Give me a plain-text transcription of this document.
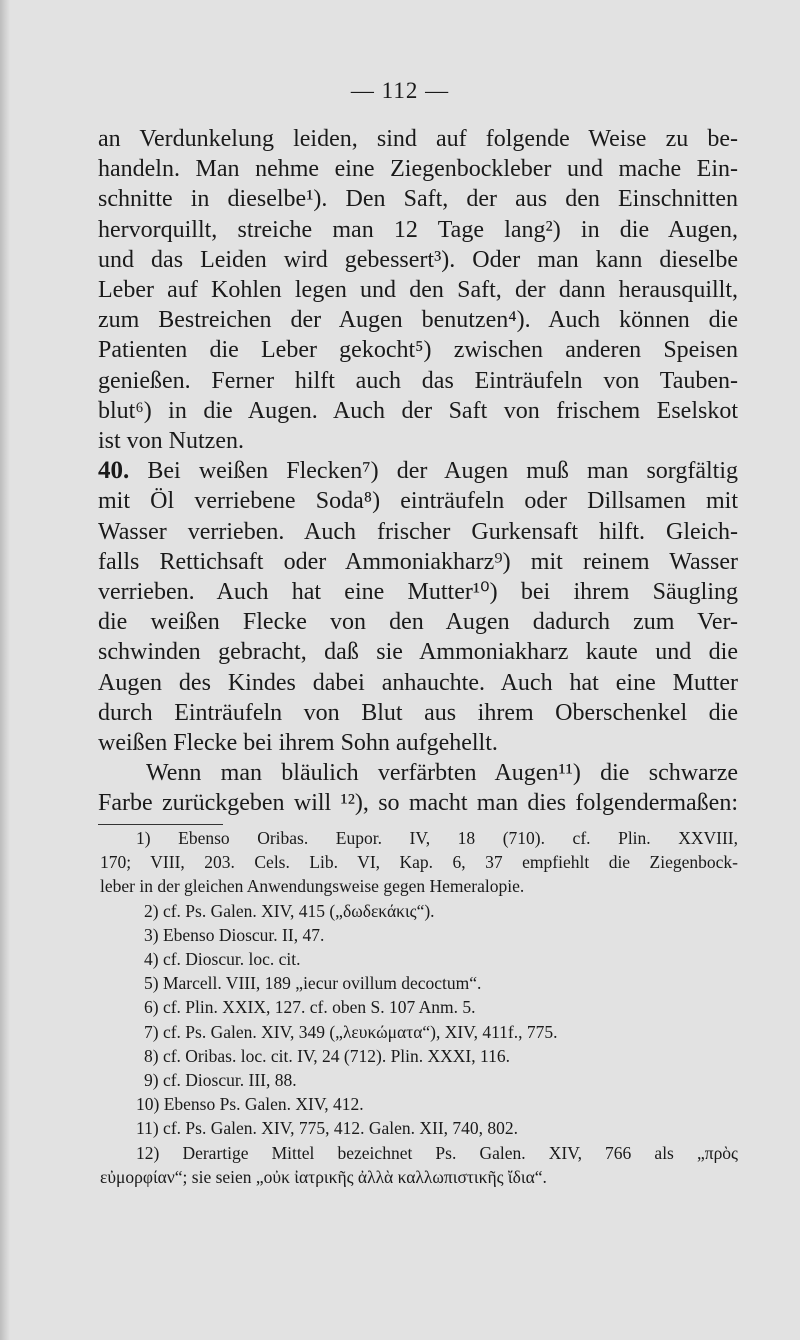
— 112 —
an Verdunkelung leiden, sind auf folgende Weise zu be-
handeln. Man nehme eine Ziegenbockleber und mache Ein-
schnitte in dieselbe¹). Den Saft, der aus den Einschnitten
hervorquillt, streiche man 12 Tage lang²) in die Augen,
und das Leiden wird gebessert³). Oder man kann dieselbe
Leber auf Kohlen legen und den Saft, der dann herausquillt,
zum Bestreichen der Augen benutzen⁴). Auch können die
Patienten die Leber gekocht⁵) zwischen anderen Speisen
genießen. Ferner hilft auch das Einträufeln von Tauben-
blut⁶) in die Augen. Auch der Saft von frischem Eselskot
ist von Nutzen.
40. Bei weißen Flecken⁷) der Augen muß man sorgfältig
mit Öl verriebene Soda⁸) einträufeln oder Dillsamen mit
Wasser verrieben. Auch frischer Gurkensaft hilft. Gleich-
falls Rettichsaft oder Ammoniakharz⁹) mit reinem Wasser
verrieben. Auch hat eine Mutter¹⁰) bei ihrem Säugling
die weißen Flecke von den Augen dadurch zum Ver-
schwinden gebracht, daß sie Ammoniakharz kaute und die
Augen des Kindes dabei anhauchte. Auch hat eine Mutter
durch Einträufeln von Blut aus ihrem Oberschenkel die
weißen Flecke bei ihrem Sohn aufgehellt.
Wenn man bläulich verfärbten Augen¹¹) die schwarze
Farbe zurückgeben will ¹²), so macht man dies folgendermaßen:
1) Ebenso Oribas. Eupor. IV, 18 (710). cf. Plin. XXVIII,
170; VIII, 203. Cels. Lib. VI, Kap. 6, 37 empfiehlt die Ziegenbock-
leber in der gleichen Anwendungsweise gegen Hemeralopie.
2) cf. Ps. Galen. XIV, 415 („δωδεκάκις“).
3) Ebenso Dioscur. II, 47.
4) cf. Dioscur. loc. cit.
5) Marcell. VIII, 189 „iecur ovillum decoctum“.
6) cf. Plin. XXIX, 127. cf. oben S. 107 Anm. 5.
7) cf. Ps. Galen. XIV, 349 („λευκώματα“), XIV, 411f., 775.
8) cf. Oribas. loc. cit. IV, 24 (712). Plin. XXXI, 116.
9) cf. Dioscur. III, 88.
10) Ebenso Ps. Galen. XIV, 412.
11) cf. Ps. Galen. XIV, 775, 412. Galen. XII, 740, 802.
12) Derartige Mittel bezeichnet Ps. Galen. XIV, 766 als „πρὸς
εὐμορφίαν“; sie seien „οὐκ ἰατρικῆς ἀλλὰ καλλωπιστικῆς ἴδια“.
